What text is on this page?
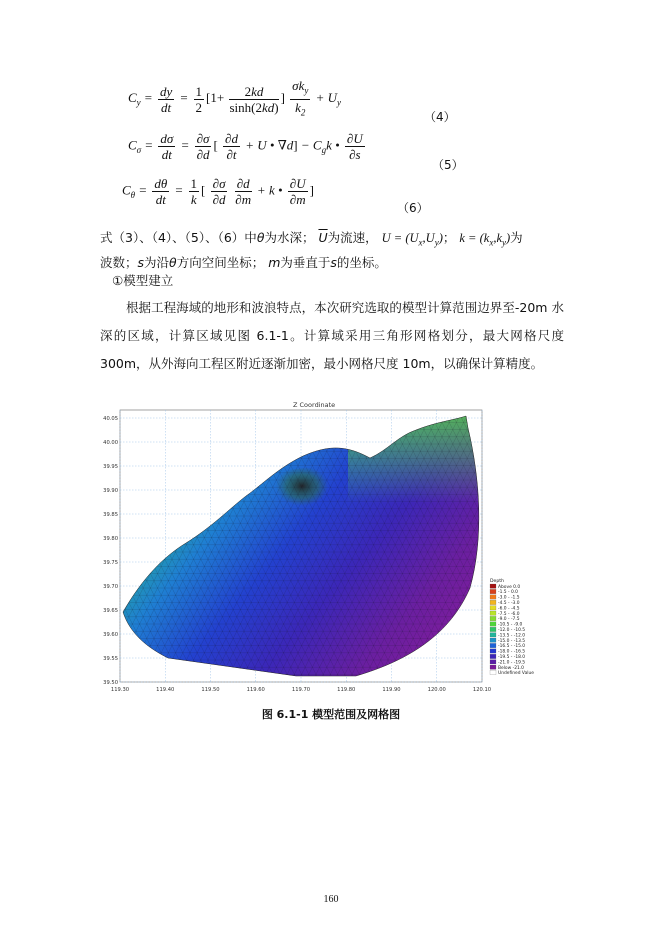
$C_y = \frac{dy}{dt} = \frac{1}{2} [1+ \frac{2kd}{\sinh(2kd)}$ ] $\frac{\sigma k_y}{k_2} + U_y$
（4）
$C_\sigma = \frac{d\sigma}{dt} = \frac{\partial\sigma}{\partial d}$ [ $\frac{\partial d}{\partial t} + U$ • $\nabla d] - C_gk$ • $\frac{\partial U}{\partial s}$
（5）
$C_\theta = \frac{d\theta}{dt} = \frac{1}{k}$ [ $\frac{\partial\sigma}{\partial d}$
$\frac{\partial d}{\partial m} + k$ • $\frac{\partial U}{\partial m}$ ]
（6）
式（3）、（4）、（5）、（6）中θ为水深； $\overline{U}$为流速， $U = (U_x,U_y)$； $k = (k_x,k_y)$为
波数；s为沿θ方向空间坐标； m为垂直于s的坐标。
①模型建立
根据工程海域的地形和波浪特点，本次研究选取的模型计算范围边界至-20m 水深的区域，计算区域见图 6.1-1。计算域采用三角形网格划分，最大网格尺度 300m，从外海向工程区附近逐渐加密，最小网格尺度 10m，以确保计算精度。
Z Coordinate
119.30	119.40	119.50	119.60	119.70	119.80	119.90	120.00	120.10
40.05
40.00
39.95
39.90
39.85
39.80
39.75
39.70
39.65
39.60
39.55
39.50
Depth
Above 0.0
-1.5 - 0.0
-3.0 - -1.5
-4.5 - -3.0
-6.0 - -4.5
-7.5 - -6.0
-9.0 - -7.5
-10.5 - -9.0
-12.0 - -10.5
-13.5 - -12.0
-15.0 - -13.5
-16.5 - -15.0
-18.0 - -16.5
-19.5 - -18.0
-21.0 - -19.5
Below -21.0
Undefined Value
图 6.1-1 模型范围及网格图
160
